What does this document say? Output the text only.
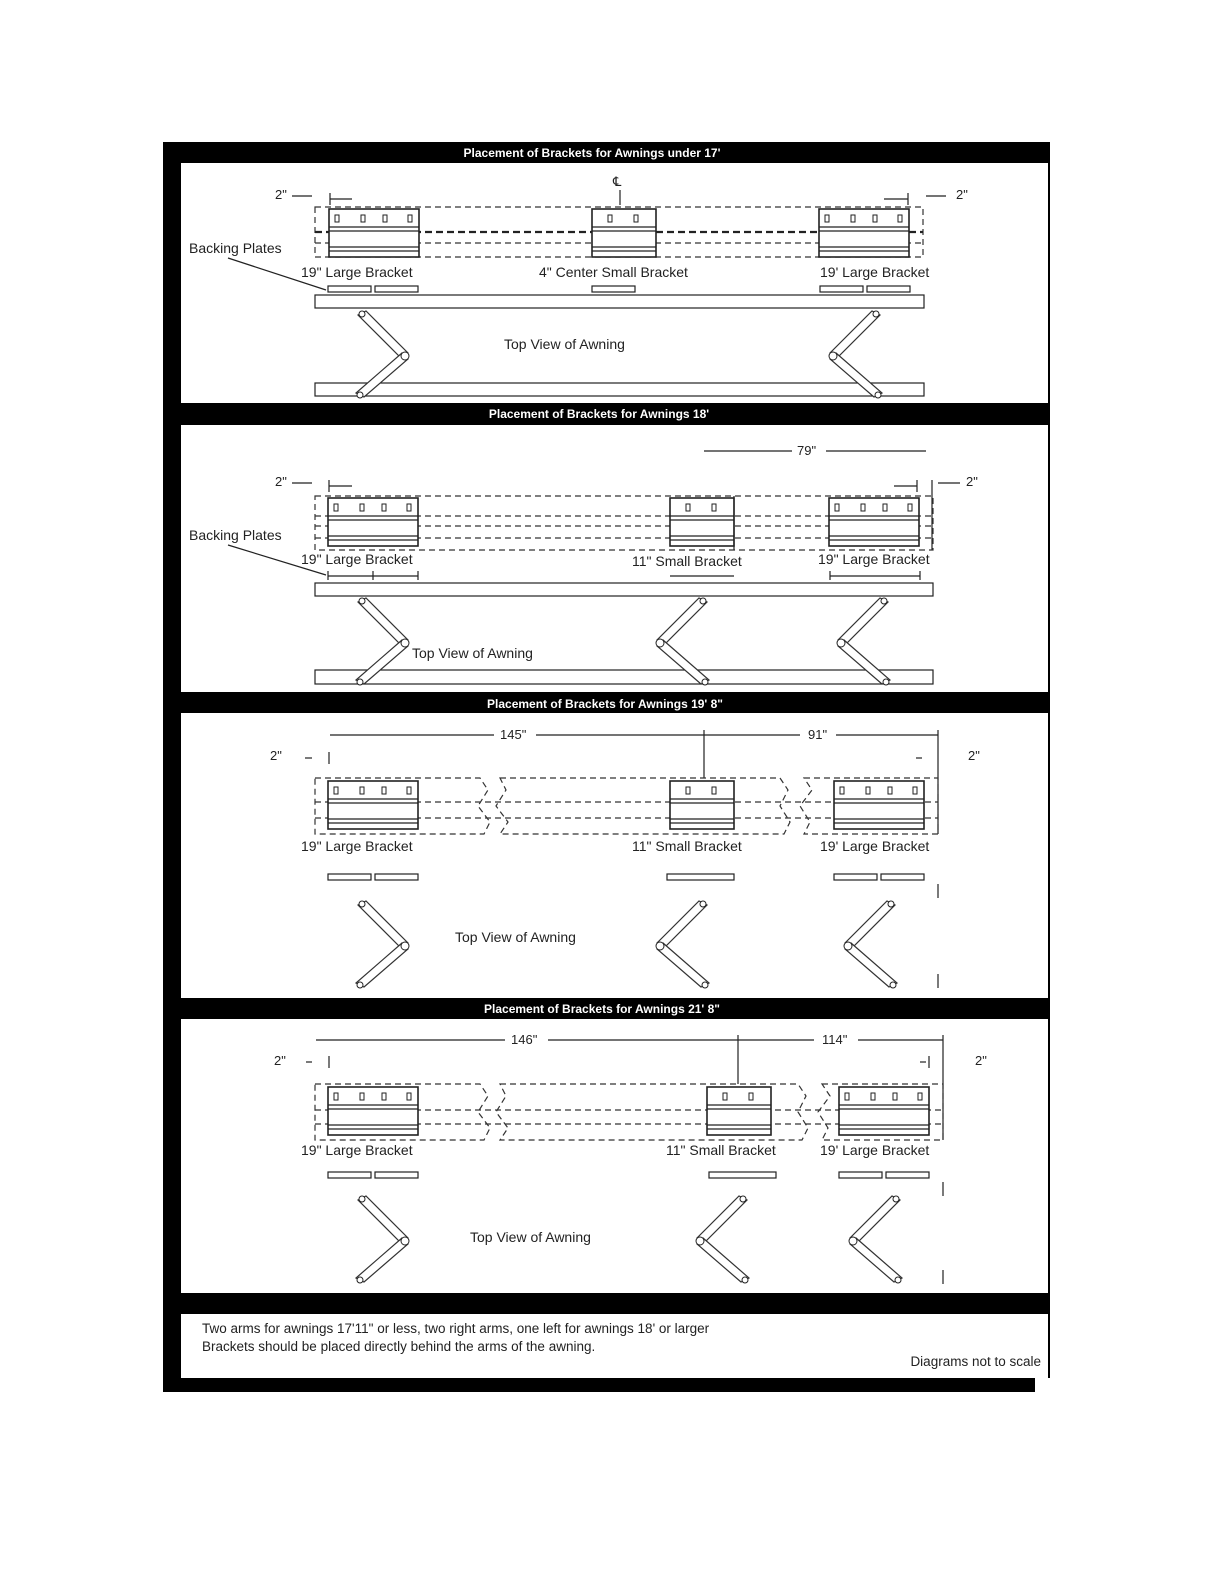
Placement of Brackets for Awnings under 17'
℄
2"	2"
Backing Plates
19" Large Bracket	4" Center Small Bracket	19' Large Bracket
Top View of Awning
Placement of Brackets for Awnings 18'
79"
2"	2"
Backing Plates
19" Large Bracket	11" Small Bracket	19" Large Bracket
Top View of Awning
Placement of Brackets for Awnings 19' 8"
145"	91"
2"	2"
19" Large Bracket	11" Small Bracket	19' Large Bracket
Top View of Awning
Placement of Brackets for Awnings 21' 8"
146"	114"
2"	2"
19" Large Bracket	11" Small Bracket	19' Large Bracket
Top View of Awning
Two arms for awnings 17'11" or less, two right arms, one left for awnings 18' or larger
Brackets should be placed directly behind the arms of the awning.
Diagrams not to scale
